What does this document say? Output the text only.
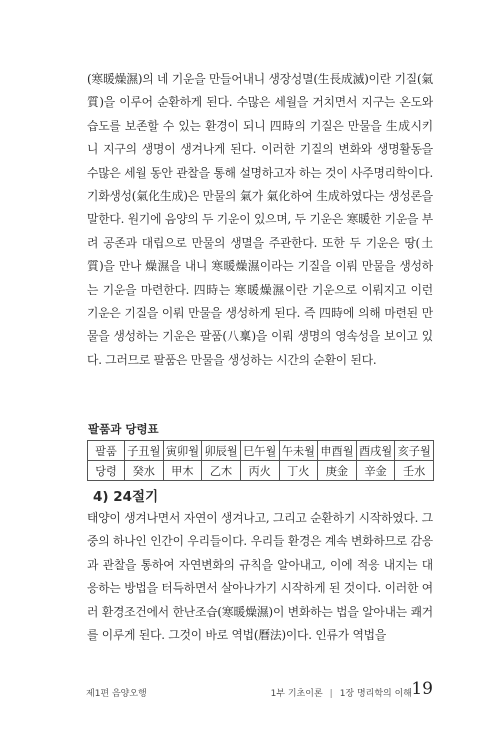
(寒暖燥濕)의 네 기운을 만들어내니 생장성멸(生長成滅)이란 기질(氣質)을 이루어 순환하게 된다. 수많은 세월을 거치면서 지구는 온도와 습도를 보존할 수 있는 환경이 되니 四時의 기질은 만물을 生成시키니 지구의 생명이 생겨나게 된다. 이러한 기질의 변화와 생명활동을 수많은 세월 동안 관찰을 통해 설명하고자 하는 것이 사주명리학이다. 기화생성(氣化生成)은 만물의 氣가 氣化하여 生成하였다는 생성론을 말한다. 원기에 음양의 두 기운이 있으며, 두 기운은 寒暖한 기운을 부려 공존과 대립으로 만물의 생멸을 주관한다. 또한 두 기운은 땅(土質)을 만나 燥濕을 내니 寒暖燥濕이라는 기질을 이뤄 만물을 생성하는 기운을 마련한다. 四時는 寒暖燥濕이란 기운으로 이뤄지고 이런 기운은 기질을 이뤄 만물을 생성하게 된다. 즉 四時에 의해 마련된 만물을 생성하는 기운은 팔품(八稟)을 이뤄 생명의 영속성을 보이고 있다. 그러므로 팔품은 만물을 생성하는 시간의 순환이 된다.

팔품과 당령표

팔품	子丑월	寅卯월	卯辰월	巳午월	午未월	申酉월	酉戌월	亥子월
당령	癸水	甲木	乙木	丙火	丁火	庚金	辛金	壬水
4) 24절기

태양이 생겨나면서 자연이 생겨나고, 그리고 순환하기 시작하였다. 그중의 하나인 인간이 우리들이다. 우리들 환경은 계속 변화하므로 감응과 관찰을 통하여 자연변화의 규칙을 알아내고, 이에 적응 내지는 대응하는 방법을 터득하면서 살아나가기 시작하게 된 것이다. 이러한 여러 환경조건에서 한난조습(寒暖燥濕)이 변화하는 법을 알아내는 쾌거를 이루게 된다. 그것이 바로 역법(曆法)이다. 인류가 역법을

제1편 음양오행	1부 기초이론 | 1장 명리학의 이해 19
